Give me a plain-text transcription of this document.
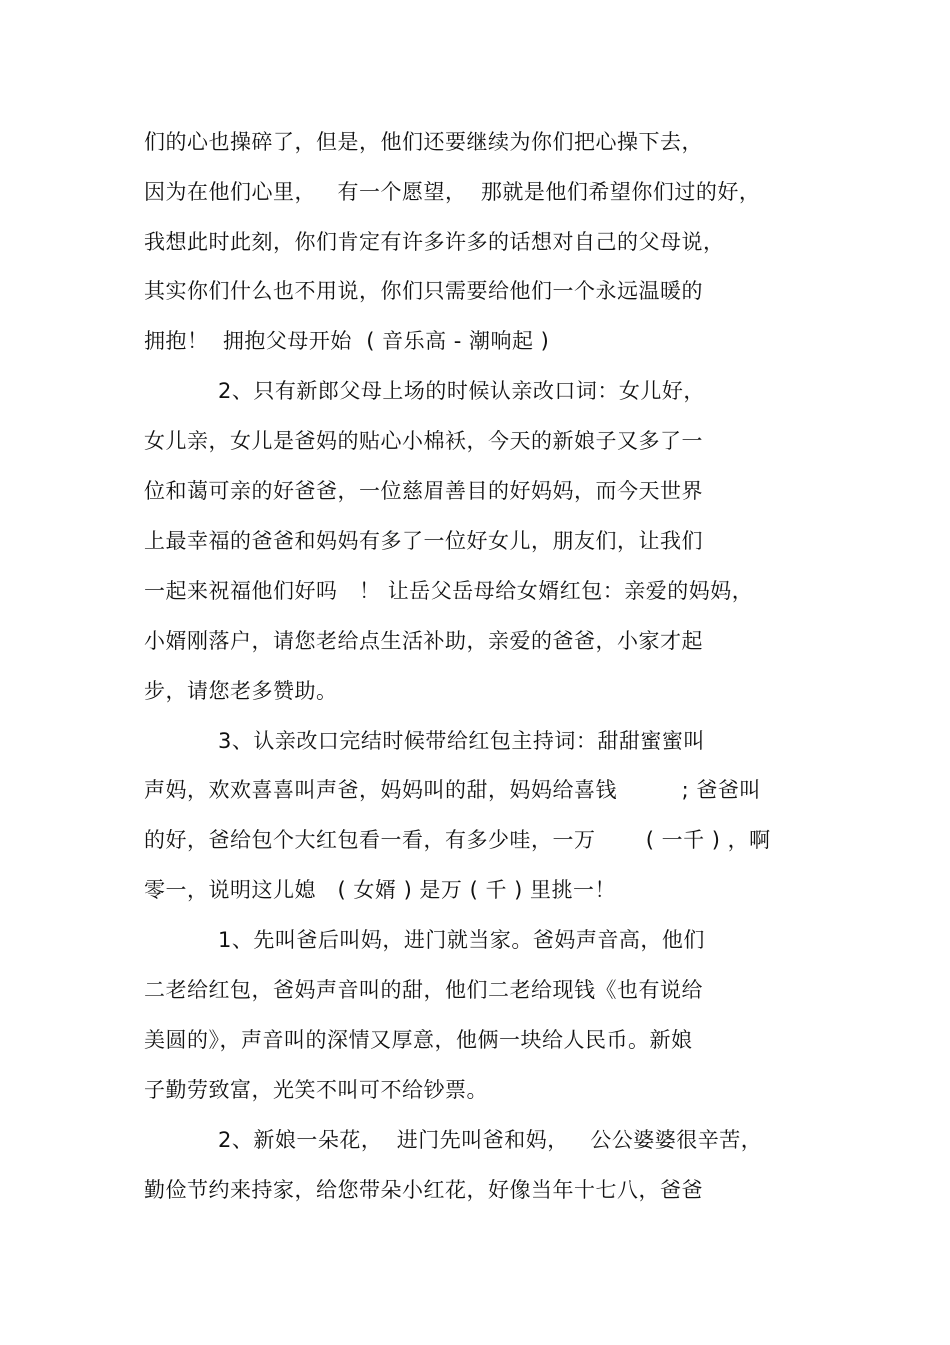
们的心也操碎了，但是，他们还要继续为你们把心操下去，
因为在他们心里，   有一个愿望，  那就是他们希望你们过的好，
我想此时此刻，你们肯定有许多许多的话想对自己的父母说，
其实你们什么也不用说，你们只需要给他们一个永远温暖的
拥抱！  拥抱父母开始  ( 音乐高 - 潮响起 )
2、只有新郎父母上场的时候认亲改口词：女儿好，
女儿亲，女儿是爸妈的贴心小棉袄，今天的新娘子又多了一
位和蔼可亲的好爸爸，一位慈眉善目的好妈妈，而今天世界
上最幸福的爸爸和妈妈有多了一位好女儿，朋友们，让我们
一起来祝福他们好吗   ！ 让岳父岳母给女婿红包：亲爱的妈妈，
小婿刚落户，请您老给点生活补助，亲爱的爸爸，小家才起
步，请您老多赞助。
3、认亲改口完结时候带给红包主持词：甜甜蜜蜜叫
声妈，欢欢喜喜叫声爸，妈妈叫的甜，妈妈给喜钱         ; 爸爸叫
的好，爸给包个大红包看一看，有多少哇，一万       ( 一千 ) ，啊
零一，说明这儿媳   ( 女婿 ) 是万 ( 千 ) 里挑一！
1、先叫爸后叫妈，进门就当家。爸妈声音高，他们
二老给红包，爸妈声音叫的甜，他们二老给现钱《也有说给
美圆的》，声音叫的深情又厚意，他俩一块给人民币。新娘
子勤劳致富，光笑不叫可不给钞票。
2、新娘一朵花，  进门先叫爸和妈，   公公婆婆很辛苦，
勤俭节约来持家，给您带朵小红花，好像当年十七八，爸爸
